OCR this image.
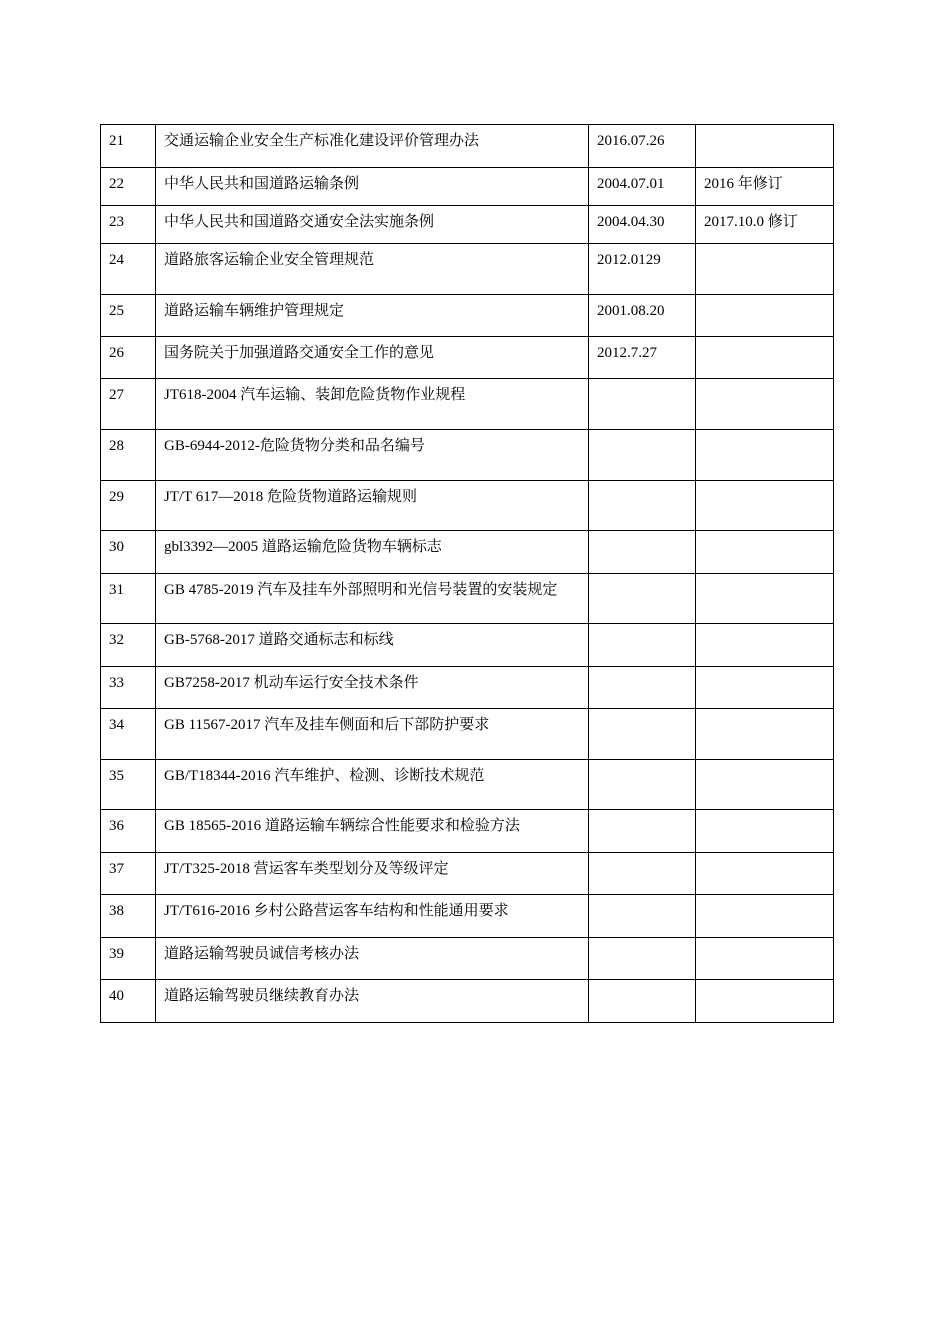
21	交通运输企业安全生产标准化建设评价管理办法	2016.07.26	
22	中华人民共和国道路运输条例	2004.07.01	2016 年修订
23	中华人民共和国道路交通安全法实施条例	2004.04.30	2017.10.0 修订
24	道路旅客运输企业安全管理规范	2012.0129	
25	道路运输车辆维护管理规定	2001.08.20	
26	国务院关于加强道路交通安全工作的意见	2012.7.27	
27	JT618-2004 汽车运输、装卸危险货物作业规程		
28	GB-6944-2012-危险货物分类和品名编号		
29	JT/T 617—2018 危险货物道路运输规则		
30	gbl3392—2005 道路运输危险货物车辆标志		
31	GB 4785-2019 汽车及挂车外部照明和光信号装置的安装规定		
32	GB-5768-2017 道路交通标志和标线		
33	GB7258-2017 机动车运行安全技术条件		
34	GB 11567-2017 汽车及挂车侧面和后下部防护要求		
35	GB/T18344-2016 汽车维护、检测、诊断技术规范		
36	GB 18565-2016 道路运输车辆综合性能要求和检验方法		
37	JT/T325-2018 营运客车类型划分及等级评定		
38	JT/T616-2016 乡村公路营运客车结构和性能通用要求		
39	道路运输驾驶员诚信考核办法		
40	道路运输驾驶员继续教育办法		
